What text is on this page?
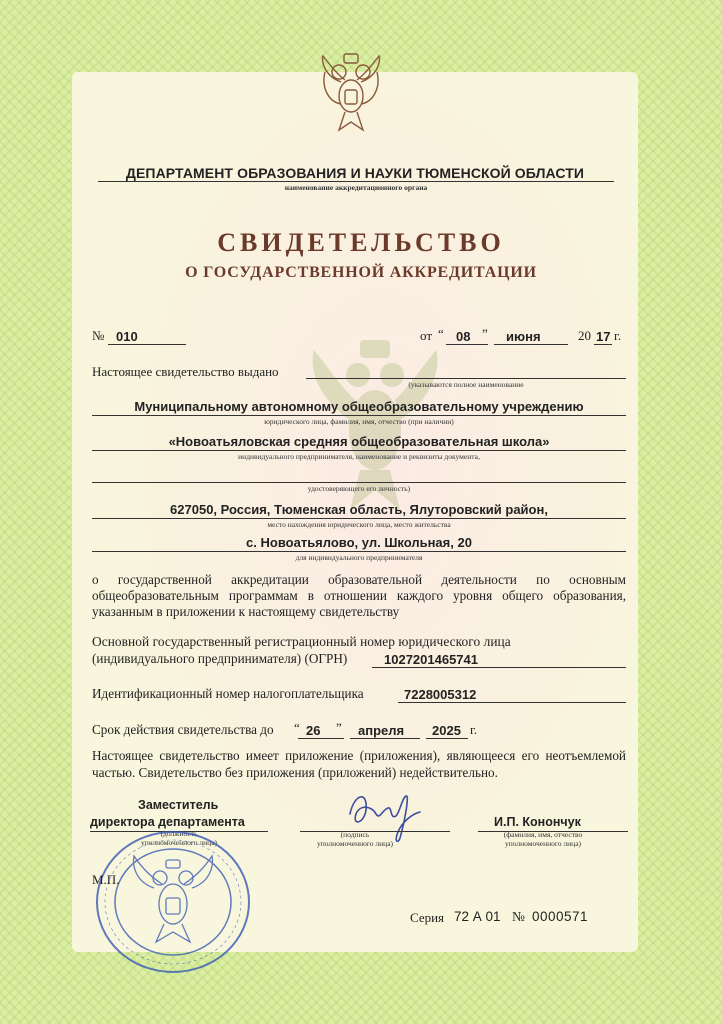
ДЕПАРТАМЕНТ ОБРАЗОВАНИЯ И НАУКИ ТЮМЕНСКОЙ ОБЛАСТИ
наименование аккредитационного органа
СВИДЕТЕЛЬСТВО
О ГОСУДАРСТВЕННОЙ АККРЕДИТАЦИИ
№ 010	от “ 08 ” июня	20 17 г.
Настоящее свидетельство выдано
(указываются полное наименование
Муниципальному автономному общеобразовательному учреждению
юридического лица, фамилия, имя, отчество (при наличии)
«Новоатьяловская средняя общеобразовательная школа»
индивидуального предпринимателя, наименование и реквизиты документа,
удостоверяющего его личность)
627050, Россия, Тюменская область, Ялуторовский район,
место нахождения юридического лица, место жительства
с. Новоатьялово, ул. Школьная, 20
для индивидуального предпринимателя
о государственной аккредитации образовательной деятельности по основным общеобразовательным программам в отношении каждого уровня общего образования, указанным в приложении к настоящему свидетельству
Основной государственный регистрационный номер юридического лица
(индивидуального предпринимателя) (ОГРН)	1027201465741
Идентификационный номер налогоплательщика	7228005312
Срок действия свидетельства до “ 26 ” апреля 2025 г.
Настоящее свидетельство имеет приложение (приложения), являющееся его неотъемлемой частью. Свидетельство без приложения (приложений) недействительно.
Заместитель
директора департамента
(должность
уполномоченного лица)
(подпись
уполномоченного лица)
И.П. Конончук
(фамилия, имя, отчество
уполномоченного лица)
М.П.
Серия 72 А 01 № 0000571
